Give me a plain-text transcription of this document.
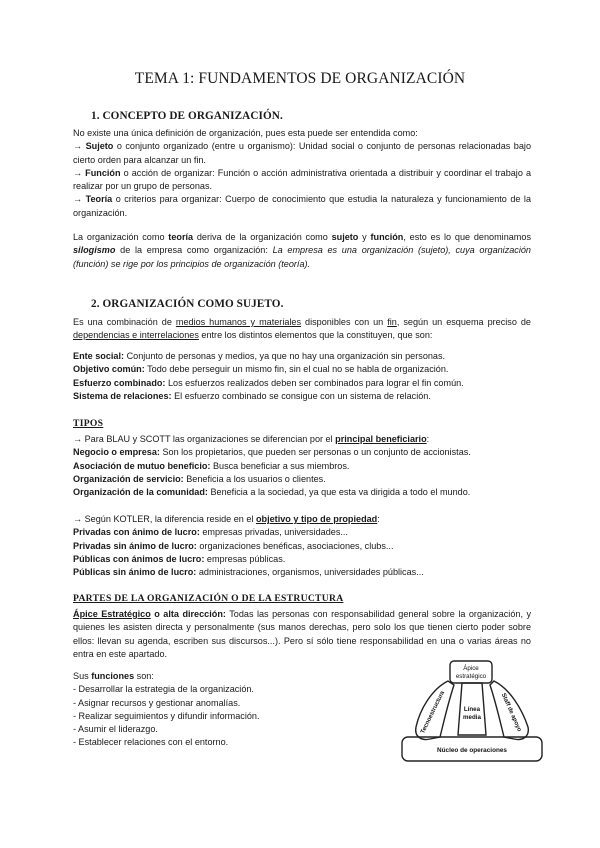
TEMA 1: FUNDAMENTOS DE ORGANIZACIÓN
1. CONCEPTO DE ORGANIZACIÓN.

No existe una única definición de organización, pues esta puede ser entendida como:

→ Sujeto o conjunto organizado (entre u organismo): Unidad social o conjunto de personas relacionadas bajo cierto orden para alcanzar un fin.

→ Función o acción de organizar: Función o acción administrativa orientada a distribuir y coordinar el trabajo a realizar por un grupo de personas.

→ Teoría o criterios para organizar: Cuerpo de conocimiento que estudia la naturaleza y funcionamiento de la organización.

La organización como teoría deriva de la organización como sujeto y función, esto es lo que denominamos silogismo de la empresa como organización: La empresa es una organización (sujeto), cuya organización (función) se rige por los principios de organización (teoría).

2. ORGANIZACIÓN COMO SUJETO.

Es una combinación de medios humanos y materiales disponibles con un fin, según un esquema preciso de dependencias e interrelaciones entre los distintos elementos que la constituyen, que son:

Ente social: Conjunto de personas y medios, ya que no hay una organización sin personas.

Objetivo común: Todo debe perseguir un mismo fin, sin el cual no se habla de organización.

Esfuerzo combinado: Los esfuerzos realizados deben ser combinados para lograr el fin común.

Sistema de relaciones: El esfuerzo combinado se consigue con un sistema de relación.

TIPOS

→ Para BLAU y SCOTT las organizaciones se diferencian por el principal beneficiario:

Negocio o empresa: Son los propietarios, que pueden ser personas o un conjunto de accionistas.

Asociación de mutuo beneficio: Busca beneficiar a sus miembros.

Organización de servicio: Beneficia a los usuarios o clientes.

Organización de la comunidad: Beneficia a la sociedad, ya que esta va dirigida a todo el mundo.

→ Según KOTLER, la diferencia reside en el objetivo y tipo de propiedad:

Privadas con ánimo de lucro: empresas privadas, universidades...

Privadas sin ánimo de lucro: organizaciones benéficas, asociaciones, clubs...

Públicas con ánimos de lucro: empresas públicas.

Públicas sin ánimo de lucro: administraciones, organismos, universidades públicas...

PARTES DE LA ORGANIZACIÓN O DE LA ESTRUCTURA

Ápice Estratégico o alta dirección: Todas las personas con responsabilidad general sobre la organización, y quienes les asisten directa y personalmente (sus manos derechas, pero solo los que tienen cierto poder sobre ellos: llevan su agenda, escriben sus discursos...). Pero sí sólo tiene responsabilidad en una o varias áreas no entra en este apartado.

Sus funciones son:

- Desarrollar la estrategia de la organización.

- Asignar recursos y gestionar anomalías.

- Realizar seguimientos y difundir información.

- Asumir el liderazgo.

- Establecer relaciones con el entorno.

Ápice
estratégico
Tecnoestructura	Staff de apoyo
Línea
media
Núcleo de operaciones
